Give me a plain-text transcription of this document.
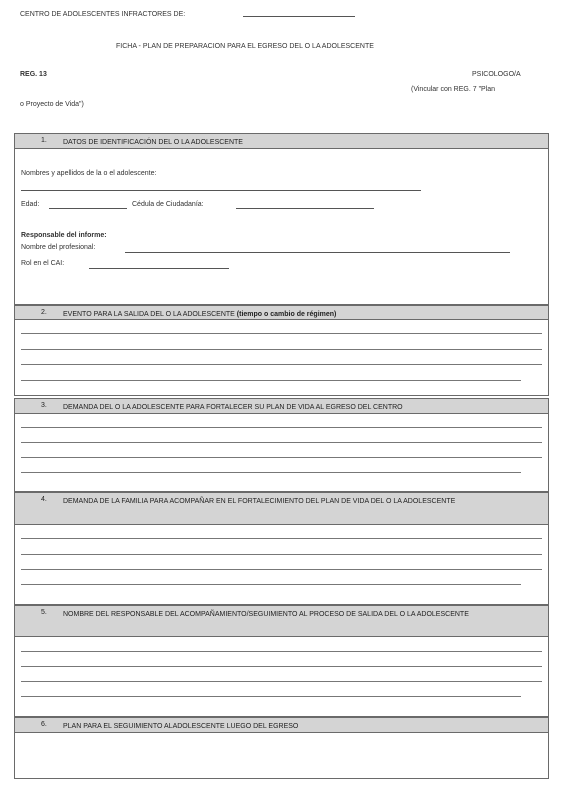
CENTRO DE ADOLESCENTES INFRACTORES DE:
FICHA - PLAN DE PREPARACION PARA EL EGRESO DEL O LA ADOLESCENTE
REG. 13	PSICOLOGO/A
(Vincular con REG. 7 "Plan
o Proyecto de Vida")
1. DATOS DE IDENTIFICACIÓN DEL O LA ADOLESCENTE
Nombres y apellidos de la o el adolescente:
Edad:	Cédula de Ciudadanía:
Responsable del informe:
Nombre del profesional:
Rol en el CAI:
2. EVENTO PARA LA SALIDA DEL O LA ADOLESCENTE (tiempo o cambio de régimen)
3. DEMANDA DEL O LA ADOLESCENTE PARA FORTALECER SU PLAN DE VIDA AL EGRESO DEL CENTRO
4. DEMANDA DE LA FAMILIA PARA ACOMPAÑAR EN EL FORTALECIMIENTO DEL PLAN DE VIDA DEL O LA ADOLESCENTE
5. NOMBRE DEL RESPONSABLE DEL ACOMPAÑAMIENTO/SEGUIMIENTO AL PROCESO DE SALIDA DEL O LA ADOLESCENTE
6. PLAN PARA EL SEGUIMIENTO ALADOLESCENTE LUEGO DEL EGRESO
